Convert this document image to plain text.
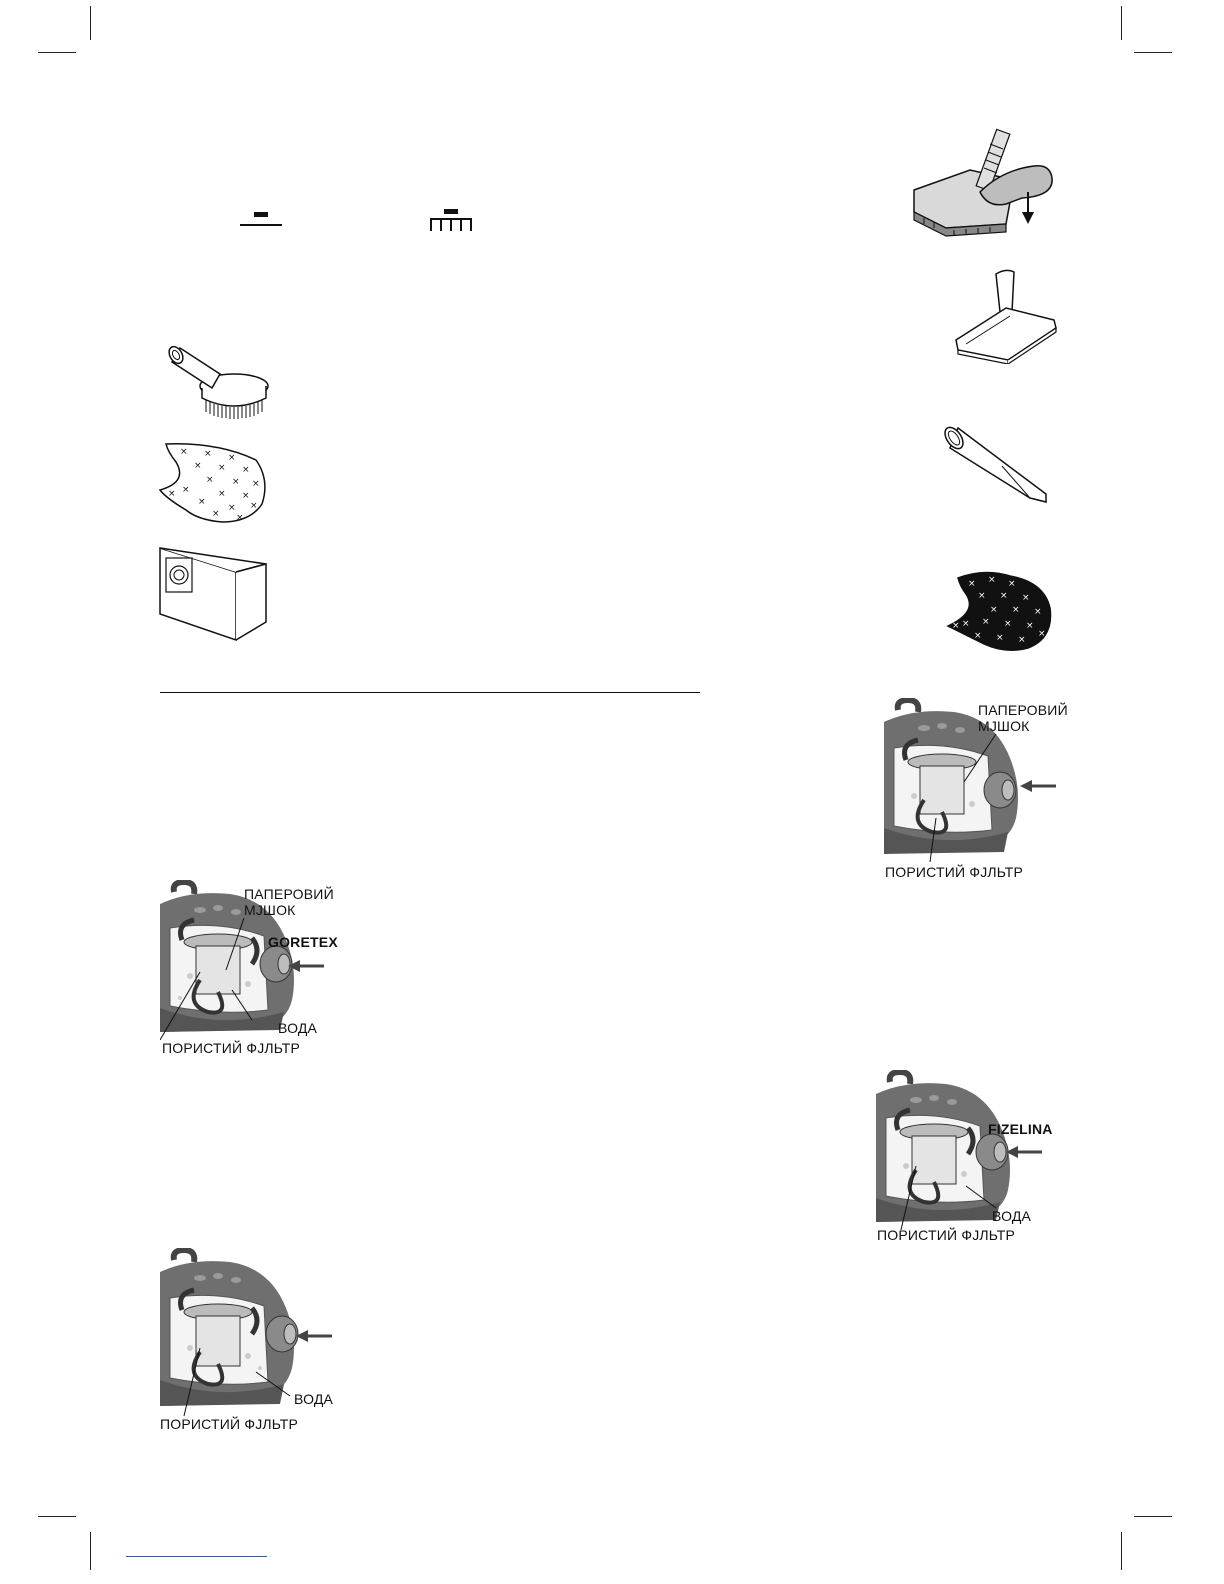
× × ×
× × ×
× × ×
×	× ×
×
×
× ×
× ×
× × ×
× × ×
× × ×
× × × ×
× × ×
×
×
ПАПЕРОВИЙ
МJШОК
GORETEX
ВОДА
ПОРИСТИЙ ФJЛЬТР
ПАПЕРОВИЙ
МJШОК
ПОРИСТИЙ ФJЛЬТР
FIZELINA
ВОДА
ПОРИСТИЙ ФJЛЬТР
ВОДА
ПОРИСТИЙ ФJЛЬТР
